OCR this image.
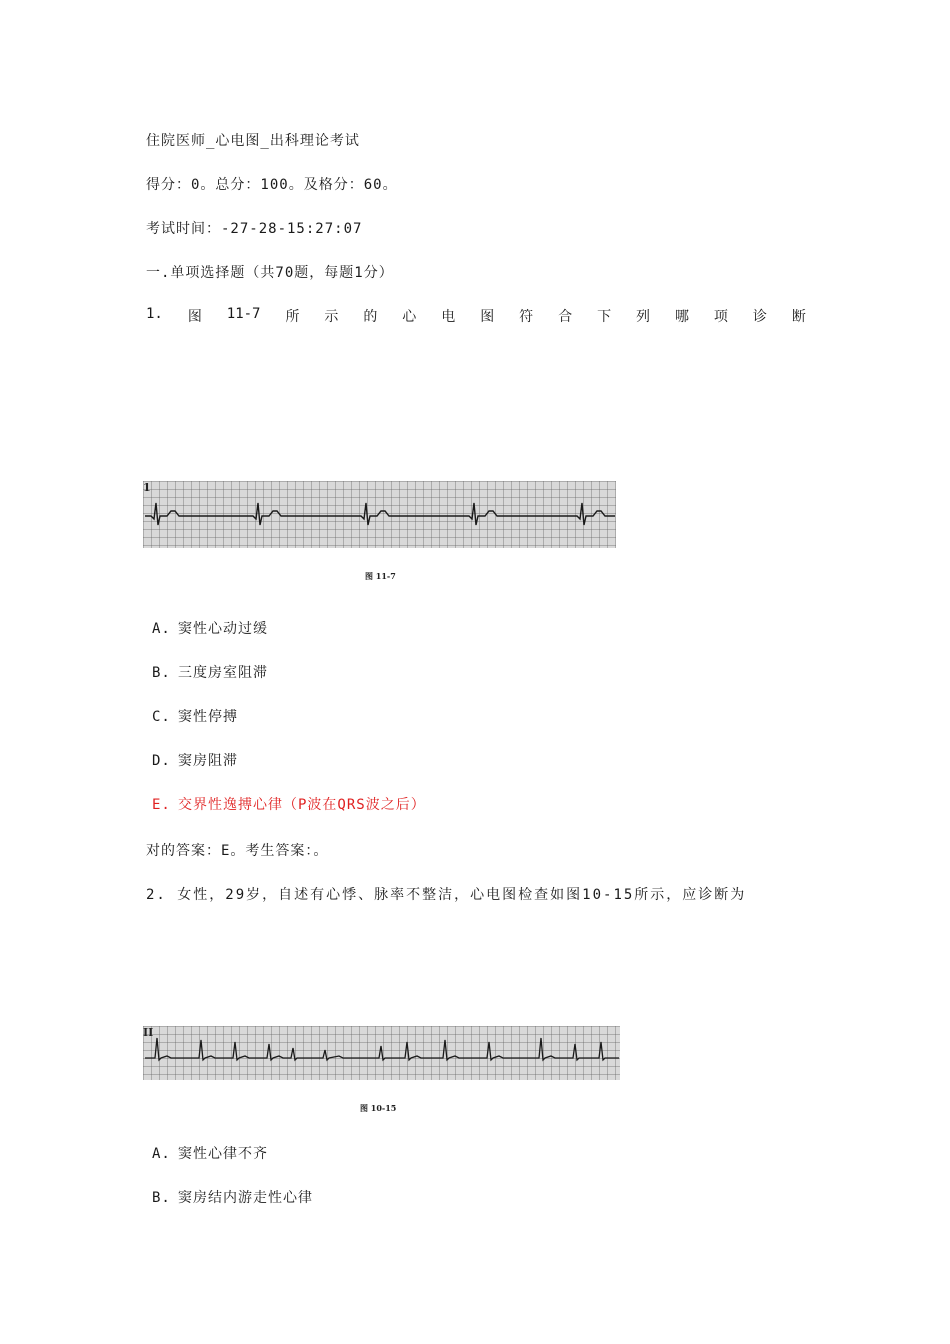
住院医师_心电图_出科理论考试
得分：0。总分：100。及格分：60。
考试时间：-27-28-15:27:07
一.单项选择题（共70题，每题1分）
1. 图 11-7 所 示 的 心 电 图 符 合 下 列 哪 项 诊 断
1
图 11-7
A. 窦性心动过缓
B. 三度房室阻滞
C. 窦性停搏
D. 窦房阻滞
E. 交界性逸搏心律（P波在QRS波之后）
对的答案：E。考生答案：。
2. 女性，29岁，自述有心悸、脉率不整洁，心电图检查如图10-15所示，应诊断为
II
图 10-15
A. 窦性心律不齐
B. 窦房结内游走性心律
